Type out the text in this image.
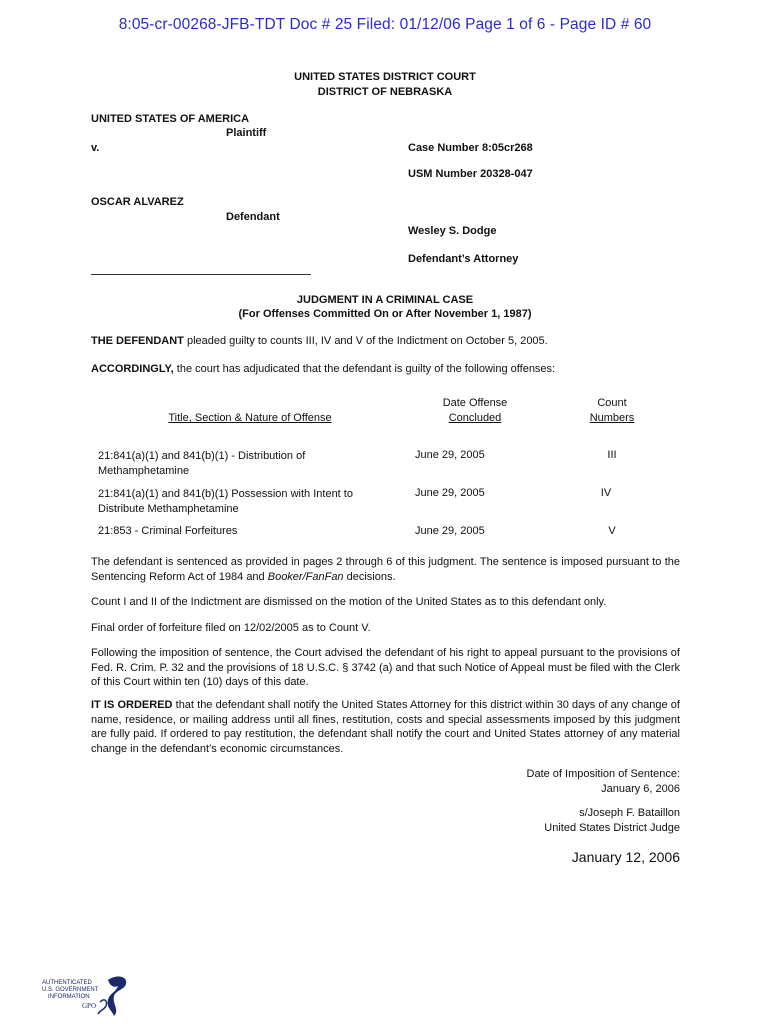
8:05-cr-00268-JFB-TDT Doc # 25 Filed: 01/12/06 Page 1 of 6 - Page ID # 60
UNITED STATES DISTRICT COURT
DISTRICT OF NEBRASKA
UNITED STATES OF AMERICA
Plaintiff
v.	Case Number 8:05cr268
USM Number 20328-047
OSCAR ALVAREZ
Defendant
Wesley S. Dodge
Defendant’s Attorney
JUDGMENT IN A CRIMINAL CASE
(For Offenses Committed On or After November 1, 1987)
THE DEFENDANT pleaded guilty to counts III, IV and V of the Indictment on October 5, 2005.
ACCORDINGLY, the court has adjudicated that the defendant is guilty of the following offenses:
Title, Section & Nature of Offense
Date Offense
Concluded
Count
Numbers
21:841(a)(1) and 841(b)(1) - Distribution of
Methamphetamine
June 29, 2005	III
21:841(a)(1) and 841(b)(1) Possession with Intent to
Distribute Methamphetamine
June 29, 2005	IV
21:853 - Criminal Forfeitures	June 29, 2005	V
The defendant is sentenced as provided in pages 2 through 6 of this judgment. The sentence is imposed pursuant to the Sentencing Reform Act of 1984 and Booker/FanFan decisions.
Count I and II of the Indictment are dismissed on the motion of the United States as to this defendant only.
Final order of forfeiture filed on 12/02/2005 as to Count V.
Following the imposition of sentence, the Court advised the defendant of his right to appeal pursuant to the provisions of Fed. R. Crim. P. 32 and the provisions of 18 U.S.C. § 3742 (a) and that such Notice of Appeal must be filed with the Clerk of this Court within ten (10) days of this date.
IT IS ORDERED that the defendant shall notify the United States Attorney for this district within 30 days of any change of name, residence, or mailing address until all fines, restitution, costs and special assessments imposed by this judgment are fully paid. If ordered to pay restitution, the defendant shall notify the court and United States attorney of any material change in the defendant’s economic circumstances.
Date of Imposition of Sentence:
January 6, 2006
s/Joseph F. Bataillon
United States District Judge
January 12, 2006
AUTHENTICATED
U.S. GOVERNMENT
INFORMATION
GPO
